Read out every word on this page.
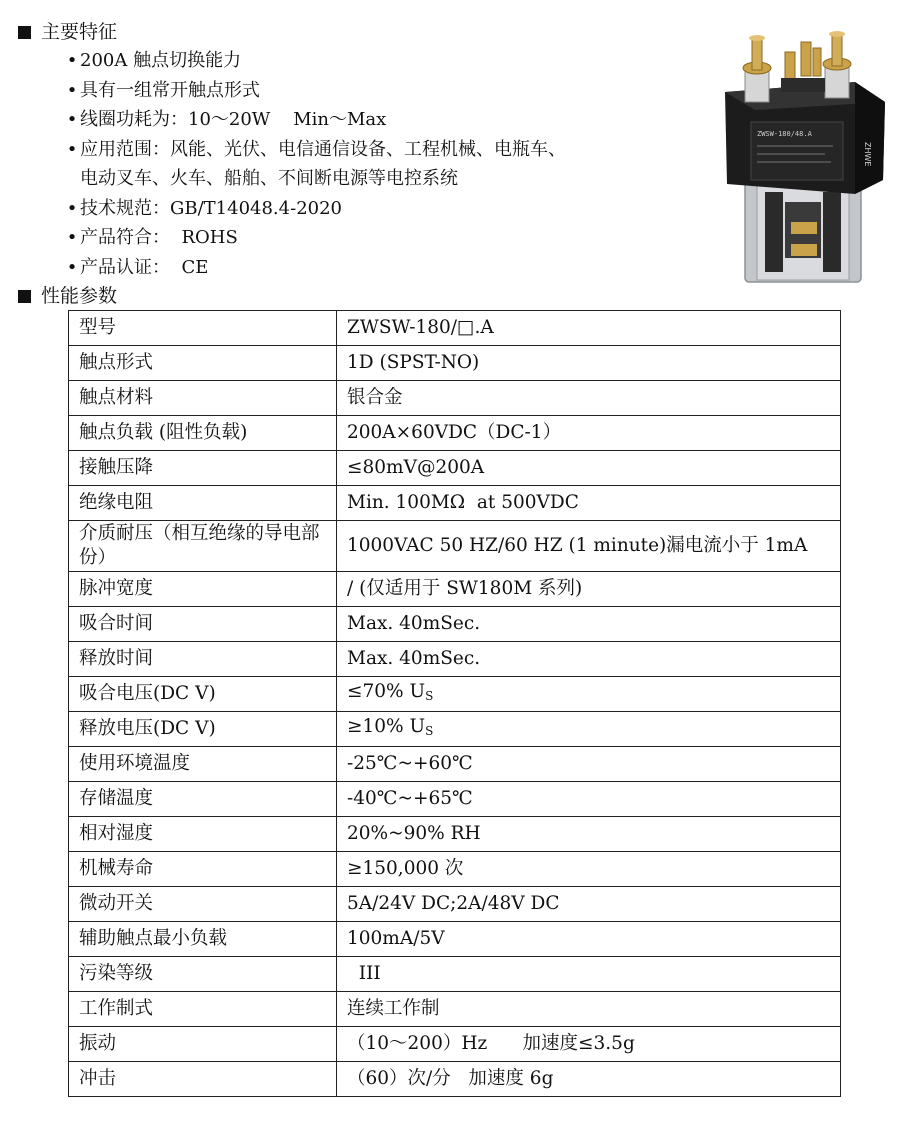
主要特征
• 200A 触点切换能力
• 具有一组常开触点形式
• 线圈功耗为：10～20W    Min～Max
• 应用范围：风能、光伏、电信通信设备、工程机械、电瓶车、
电动叉车、火车、船舶、不间断电源等电控系统
• 技术规范：GB/T14048.4-2020
• 产品符合：  ROHS
• 产品认证：  CE
ZWSW-180/48.A
ZHWE
性能参数
型号	ZWSW-180/□.A
触点形式	1D (SPST-NO)
触点材料	银合金
触点负载 (阻性负载)	200A×60VDC（DC-1）
接触压降	≤80mV@200A
绝缘电阻	Min. 100MΩ  at 500VDC
介质耐压（相互绝缘的导电部份）	1000VAC 50 HZ/60 HZ (1 minute)漏电流小于 1mA
脉冲宽度	/ (仅适用于 SW180M 系列)
吸合时间	Max. 40mSec.
释放时间	Max. 40mSec.
吸合电压(DC V)	≤70% $U_S$
释放电压(DC V)	≥10% $U_S$
使用环境温度	-25℃~+60℃
存储温度	-40℃~+65℃
相对湿度	20%~90% RH
机械寿命	≥150,000 次
微动开关	5A/24V DC;2A/48V DC
辅助触点最小负载	100mA/5V
污染等级	III
工作制式	连续工作制
振动	（10～200）Hz      加速度≤3.5g
冲击	（60）次/分   加速度 6g
